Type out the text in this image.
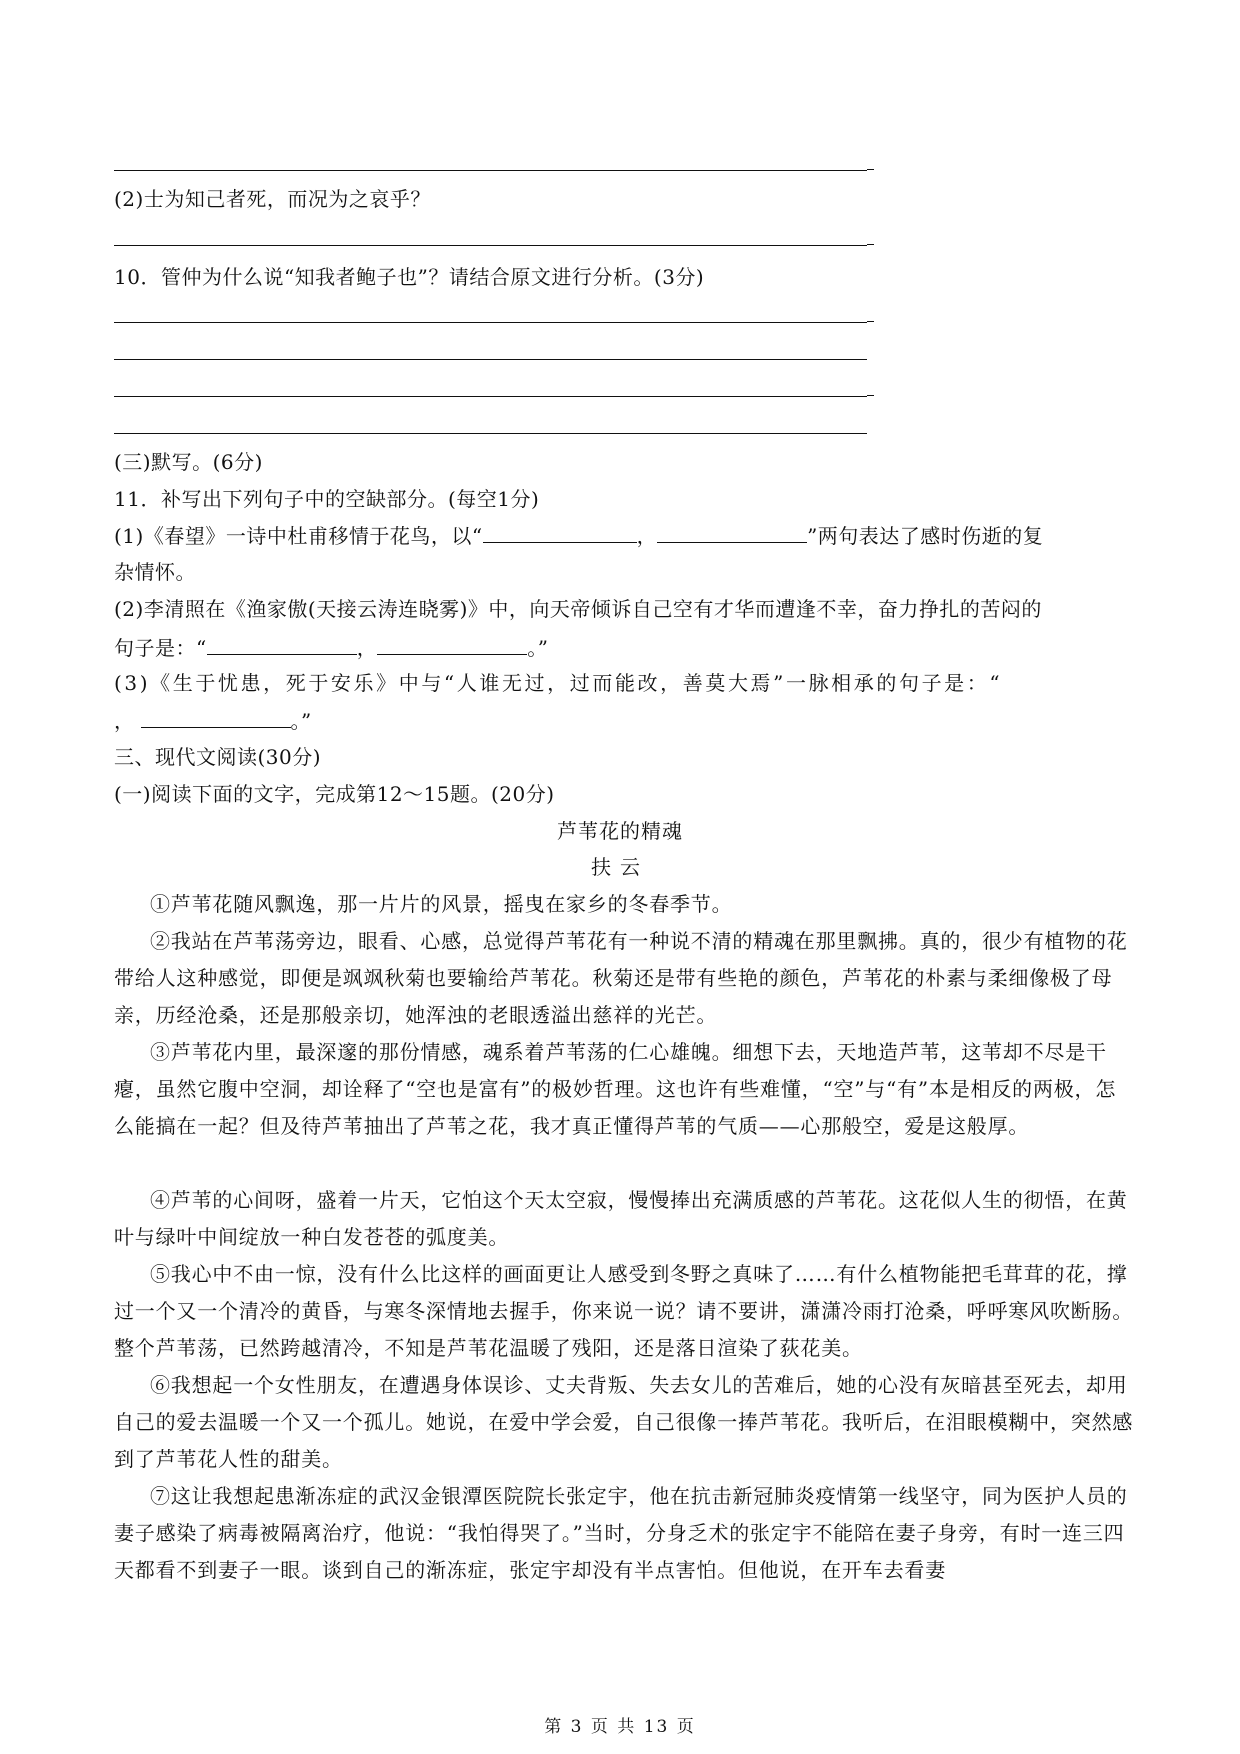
(2)士为知己者死，而况为之哀乎？
10．管仲为什么说“知我者鲍子也”？请结合原文进行分析。(3分)
(三)默写。(6分)
11．补写出下列句子中的空缺部分。(每空1分)
(1)《春望》一诗中杜甫移情于花鸟，以“	，	”两句表达了感时伤逝的复
杂情怀。
(2)李清照在《渔家傲(天接云涛连晓雾)》中，向天帝倾诉自己空有才华而遭逢不幸，奋力挣扎的苦闷的
句子是：“	，	。”
(3)《生于忧患，死于安乐》中与“人谁无过，过而能改，善莫大焉”一脉相承的句子是：“
，	。”
三、现代文阅读(30分)
(一)阅读下面的文字，完成第12～15题。(20分)
芦苇花的精魂
扶云
①芦苇花随风飘逸，那一片片的风景，摇曳在家乡的冬春季节。
②我站在芦苇荡旁边，眼看、心感，总觉得芦苇花有一种说不清的精魂在那里飘拂。真的，很少有植物的花带给人这种感觉，即便是飒飒秋菊也要输给芦苇花。秋菊还是带有些艳的颜色，芦苇花的朴素与柔细像极了母亲，历经沧桑，还是那般亲切，她浑浊的老眼透溢出慈祥的光芒。
③芦苇花内里，最深邃的那份情感，魂系着芦苇荡的仁心雄魄。细想下去，天地造芦苇，这苇却不尽是干瘪，虽然它腹中空洞，却诠释了“空也是富有”的极妙哲理。这也许有些难懂，“空”与“有”本是相反的两极，怎么能搞在一起？但及待芦苇抽出了芦苇之花，我才真正懂得芦苇的气质——心那般空，爱是这般厚。
④芦苇的心间呀，盛着一片天，它怕这个天太空寂，慢慢捧出充满质感的芦苇花。这花似人生的彻悟，在黄叶与绿叶中间绽放一种白发苍苍的弧度美。
⑤我心中不由一惊，没有什么比这样的画面更让人感受到冬野之真味了……有什么植物能把毛茸茸的花，撑过一个又一个清冷的黄昏，与寒冬深情地去握手，你来说一说？请不要讲，潇潇冷雨打沧桑，呼呼寒风吹断肠。整个芦苇荡，已然跨越清冷，不知是芦苇花温暖了残阳，还是落日渲染了荻花美。
⑥我想起一个女性朋友，在遭遇身体误诊、丈夫背叛、失去女儿的苦难后，她的心没有灰暗甚至死去，却用自己的爱去温暖一个又一个孤儿。她说，在爱中学会爱，自己很像一捧芦苇花。我听后，在泪眼模糊中，突然感到了芦苇花人性的甜美。
⑦这让我想起患渐冻症的武汉金银潭医院院长张定宇，他在抗击新冠肺炎疫情第一线坚守，同为医护人员的妻子感染了病毒被隔离治疗，他说：“我怕得哭了。”当时，分身乏术的张定宇不能陪在妻子身旁，有时一连三四天都看不到妻子一眼。谈到自己的渐冻症，张定宇却没有半点害怕。但他说，在开车去看妻
第 3 页 共 13 页
